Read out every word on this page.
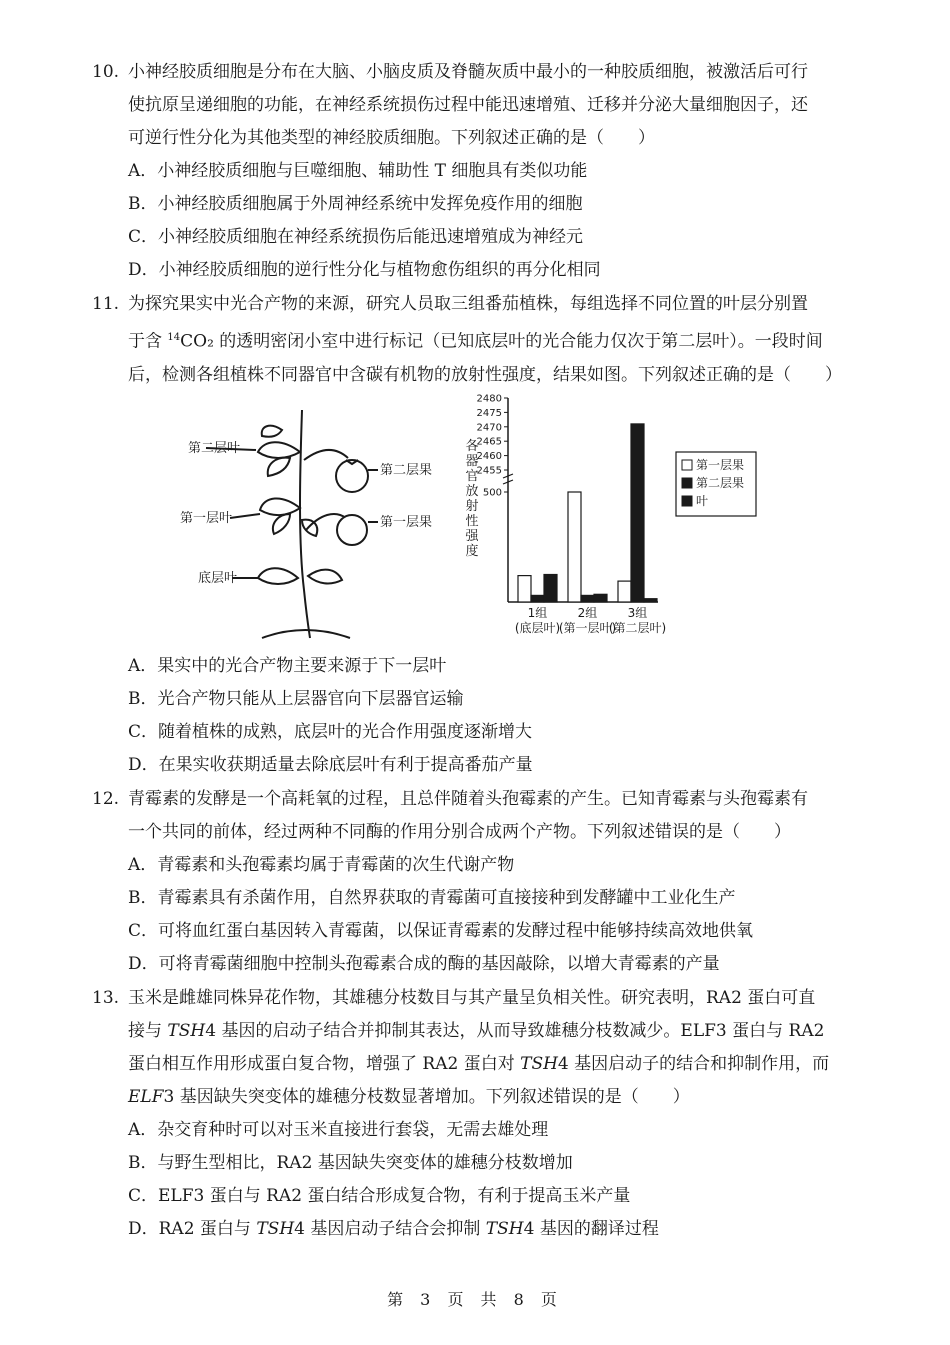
10. 小神经胶质细胞是分布在大脑、小脑皮质及脊髓灰质中最小的一种胶质细胞，被激活后可行
使抗原呈递细胞的功能，在神经系统损伤过程中能迅速增殖、迁移并分泌大量细胞因子，还
可逆行性分化为其他类型的神经胶质细胞。下列叙述正确的是（　　）
A．小神经胶质细胞与巨噬细胞、辅助性 T 细胞具有类似功能
B．小神经胶质细胞属于外周神经系统中发挥免疫作用的细胞
C．小神经胶质细胞在神经系统损伤后能迅速增殖成为神经元
D．小神经胶质细胞的逆行性分化与植物愈伤组织的再分化相同
11. 为探究果实中光合产物的来源，研究人员取三组番茄植株，每组选择不同位置的叶层分别置
于含 $^{14}$CO₂ 的透明密闭小室中进行标记（已知底层叶的光合能力仅次于第二层叶）。一段时间
后，检测各组植株不同器官中含碳有机物的放射性强度，结果如图。下列叙述正确的是（　　）
第二层叶
第一层叶
底层叶
第二层果
第一层果
2455
2460
2465
2470
2475
2480
500
各
器
官
放
射
性
强
度
1组
(底层叶)
2组
(第一层叶)
3组
(第二层叶)
第一层果
第二层果
叶
A．果实中的光合产物主要来源于下一层叶
B．光合产物只能从上层器官向下层器官运输
C．随着植株的成熟，底层叶的光合作用强度逐渐增大
D．在果实收获期适量去除底层叶有利于提高番茄产量
12. 青霉素的发酵是一个高耗氧的过程，且总伴随着头孢霉素的产生。已知青霉素与头孢霉素有
一个共同的前体，经过两种不同酶的作用分别合成两个产物。下列叙述错误的是（　　）
A．青霉素和头孢霉素均属于青霉菌的次生代谢产物
B．青霉素具有杀菌作用，自然界获取的青霉菌可直接接种到发酵罐中工业化生产
C．可将血红蛋白基因转入青霉菌，以保证青霉素的发酵过程中能够持续高效地供氧
D．可将青霉菌细胞中控制头孢霉素合成的酶的基因敲除，以增大青霉素的产量
13. 玉米是雌雄同株异花作物，其雄穗分枝数目与其产量呈负相关性。研究表明，RA2 蛋白可直
接与 TSH4 基因的启动子结合并抑制其表达，从而导致雄穗分枝数减少。ELF3 蛋白与 RA2
蛋白相互作用形成蛋白复合物，增强了 RA2 蛋白对 TSH4 基因启动子的结合和抑制作用，而
ELF3 基因缺失突变体的雄穗分枝数显著增加。下列叙述错误的是（　　）
A．杂交育种时可以对玉米直接进行套袋，无需去雄处理
B．与野生型相比，RA2 基因缺失突变体的雄穗分枝数增加
C．ELF3 蛋白与 RA2 蛋白结合形成复合物，有利于提高玉米产量
D．RA2 蛋白与 TSH4 基因启动子结合会抑制 TSH4 基因的翻译过程
第 3 页 共 8 页
